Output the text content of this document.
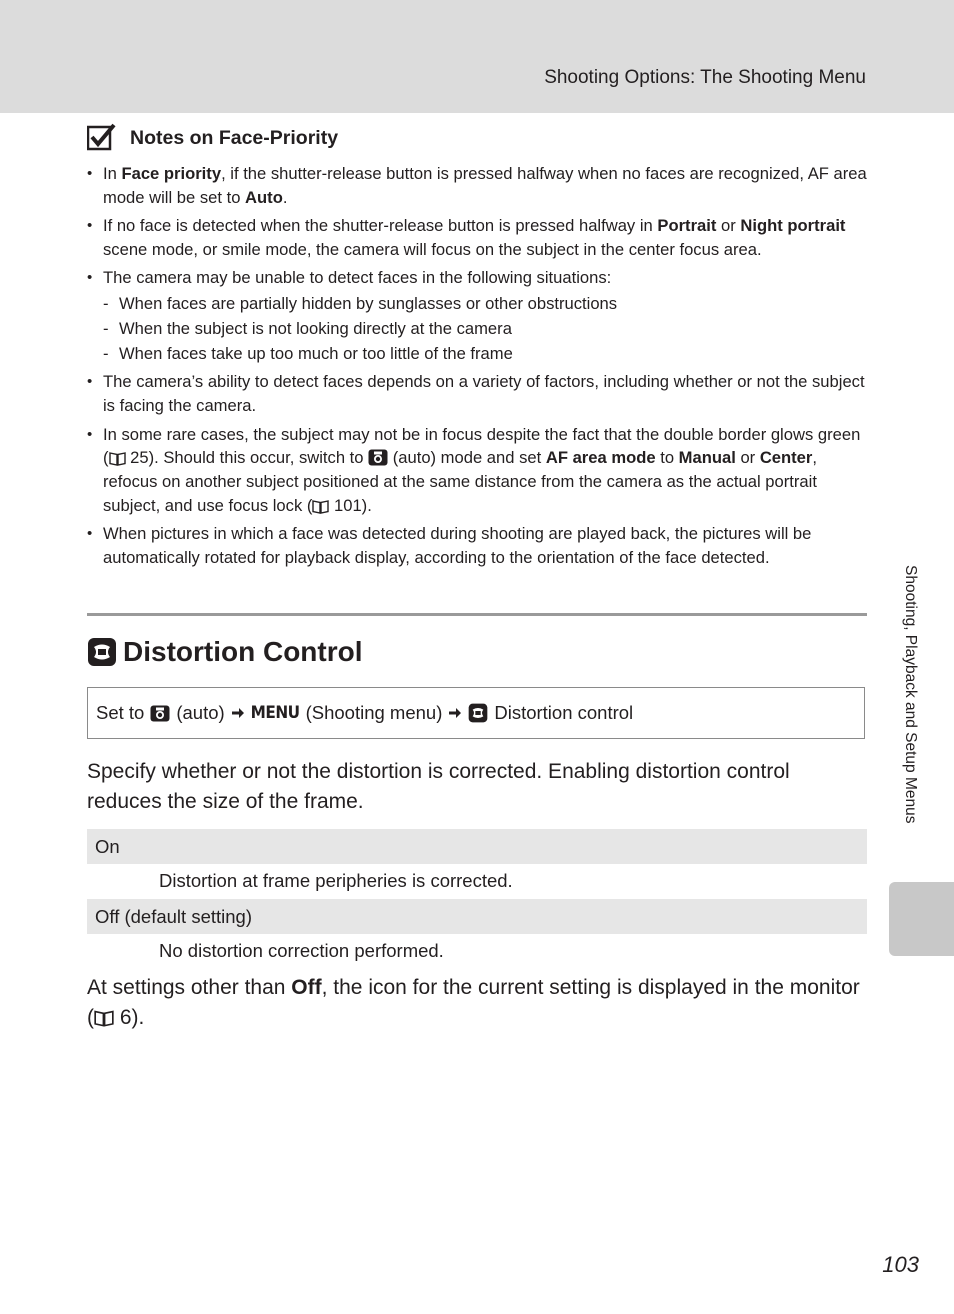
Shooting Options: The Shooting Menu
Notes on Face-Priority
• In Face priority, if the shutter-release button is pressed halfway when no faces are recognized, AF area mode will be set to Auto.
• If no face is detected when the shutter-release button is pressed halfway in Portrait or Night portrait scene mode, or smile mode, the camera will focus on the subject in the center focus area.
• The camera may be unable to detect faces in the following situations:
- When faces are partially hidden by sunglasses or other obstructions
- When the subject is not looking directly at the camera
- When faces take up too much or too little of the frame
• The camera’s ability to detect faces depends on a variety of factors, including whether or not the subject is facing the camera.
• In some rare cases, the subject may not be in focus despite the fact that the double border glows green ( 25). Should this occur, switch to  (auto) mode and set AF area mode to Manual or Center, refocus on another subject positioned at the same distance from the camera as the actual portrait subject, and use focus lock ( 101).
• When pictures in which a face was detected during shooting are played back, the pictures will be automatically rotated for playback display, according to the orientation of the face detected.
Distortion Control
Set to (auto) MENU (Shooting menu)	Distortion control
Specify whether or not the distortion is corrected. Enabling distortion control reduces the size of the frame.
On
Distortion at frame peripheries is corrected.
Off (default setting)
No distortion correction performed.
At settings other than Off, the icon for the current setting is displayed in the monitor ( 6).
Shooting, Playback and Setup Menus
103
